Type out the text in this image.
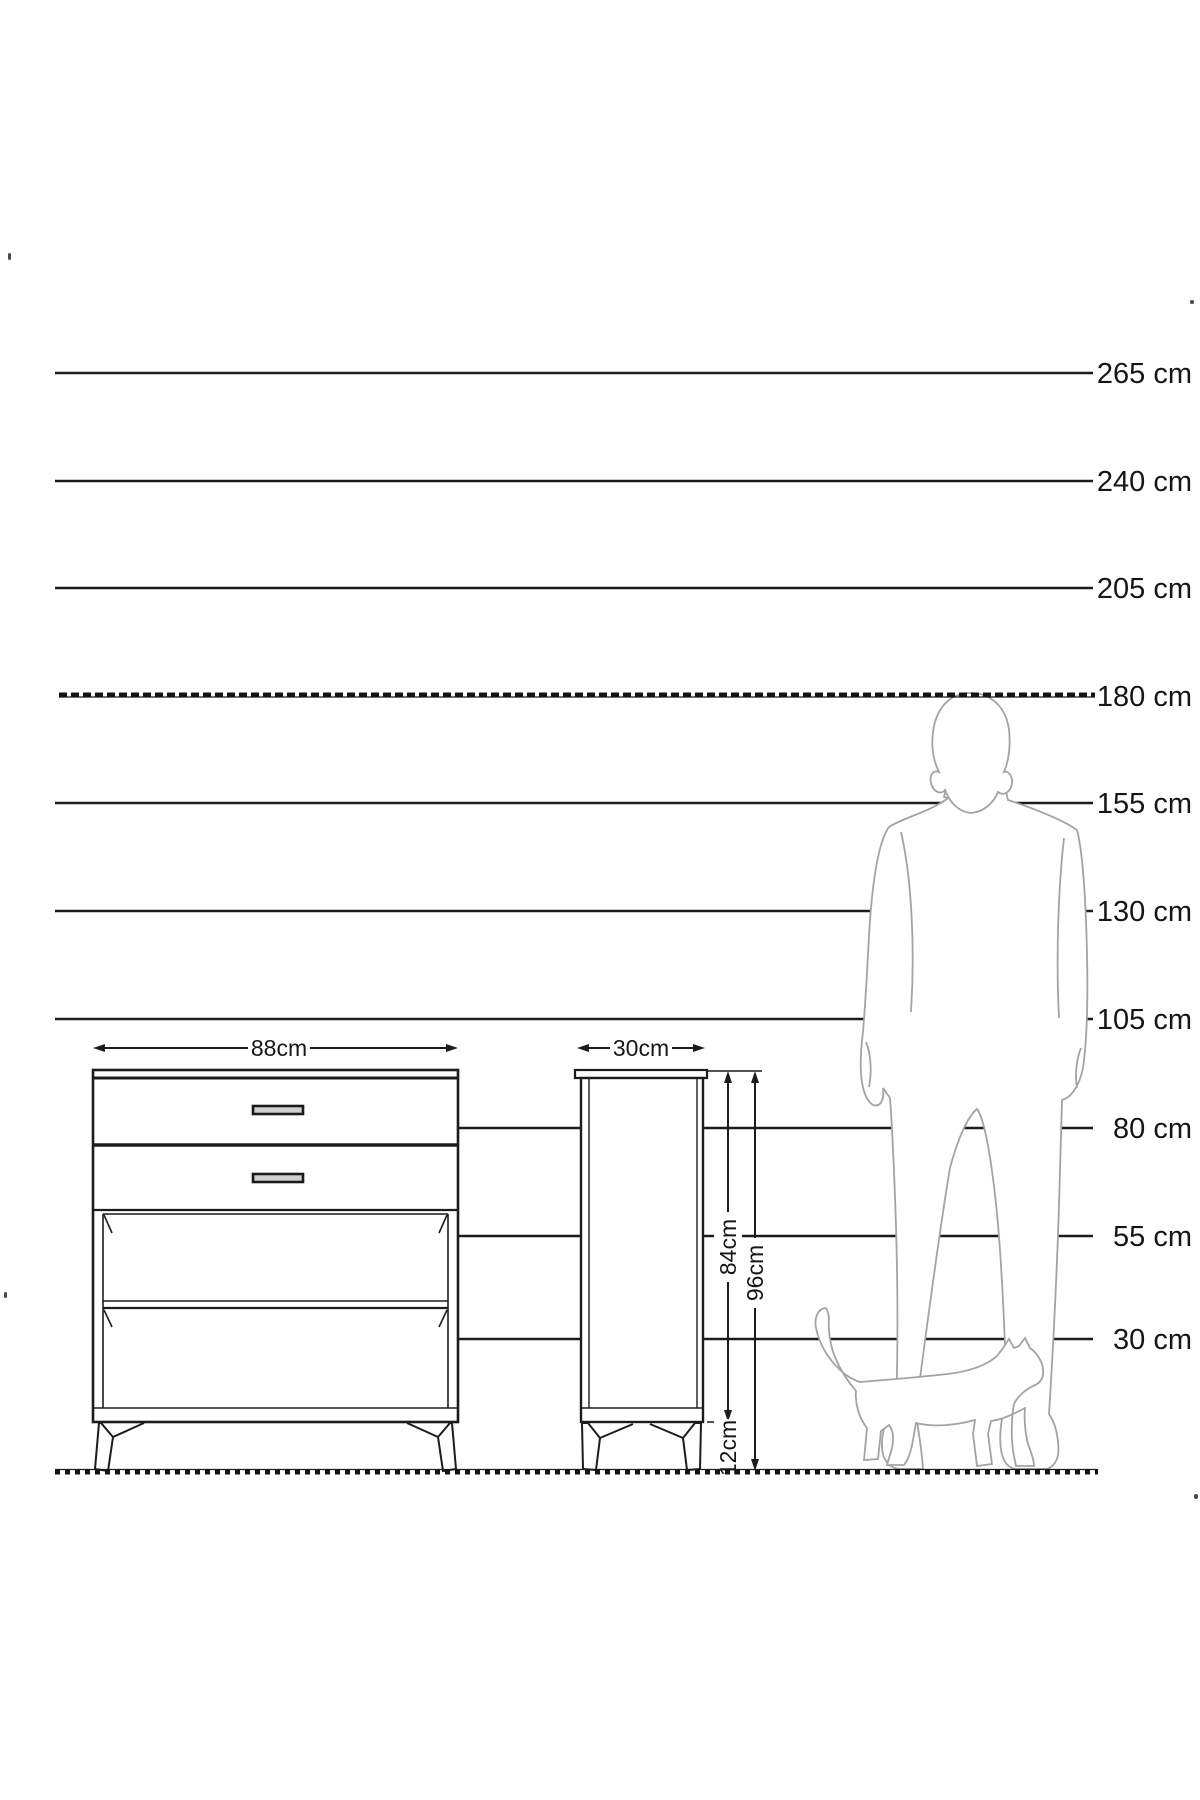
88cm	30cm
84cm 96cm
12cm
265 cm
240 cm
205 cm
180 cm
155 cm
130 cm
105 cm
80 cm
55 cm
30 cm
